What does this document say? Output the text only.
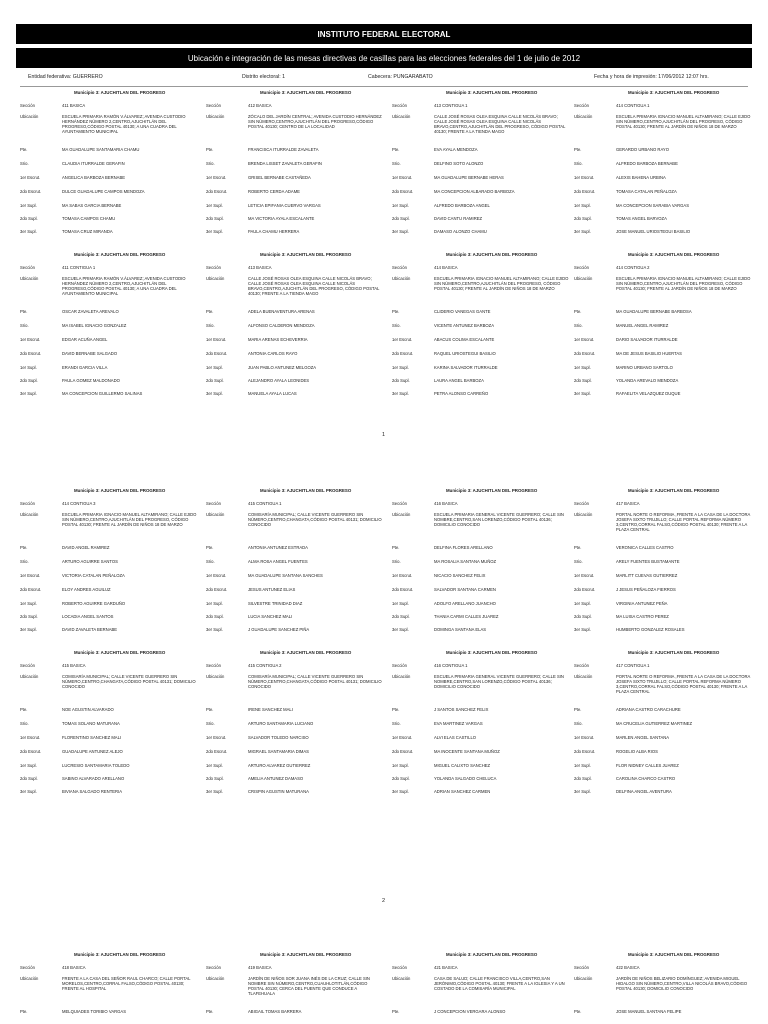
INSTITUTO FEDERAL ELECTORAL
Ubicación e integración de las mesas directivas de casillas para las elecciones federales del 1 de julio de 2012
Entidad federativa: GUERRERO	Distrito electoral: 1	Cabecera: PUNGARABATO	Fecha y hora de impresión: 17/06/2012 12:07 hrs.
Municipio 3: AJUCHITLAN DEL PROGRESO
Sección	411 BASICA
Ubicación	ESCUELA PRIMARIA RAMÓN V.ÁLVAREZ; AVENIDA CUSTODIO HERNÁNDEZ NÚMERO 2,CENTRO,AJUCHITLÁN DEL PROGRESO,CÓDIGO POSTAL 40130; A UNA CUADRA DEL AYUNTAMIENTO MUNICIPAL
Pte.	MA GUADALUPE SANTAMARIA CHAMU
Srio.	CLAUDIA ITURRALDE GERAFIN
1er Escrut.	ANGELICA BARBOZA BERNABE
2do Escrut.	DULCE GUADALUPE CAMPOS MENDOZA
1er Supl.	MA SABAS GARCIA BERNABE
2do Supl.	TOMASA CAMPOS CHAMU
3er Supl.	TOMASA CRUZ MIRANDA
Municipio 3: AJUCHITLAN DEL PROGRESO
Sección	412 BASICA
Ubicación	ZÓCALO DEL JARDÍN CENTRAL; AVENIDA CUSTODIO HERNÁNDEZ SIN NÚMERO,CENTRO,AJUCHITLÁN DEL PROGRESO,CÓDIGO POSTAL 40130; CENTRO DE LA LOCALIDAD
Pte.	FRANCISCA ITURRALDE ZAVALETA
Srio.	BRENDA LISSET ZAVALETA GERAFIN
1er Escrut.	GRISEL BERNABE CASTAÑEDA
2do Escrut.	ROBERTO CERDA ADAME
1er Supl.	LETICIA EPIFANIA CUERVO VARGAS
2do Supl.	MA VICTORIA AYALA ESCALANTE
3er Supl.	PAULA CHAMU HERRERA
Municipio 3: AJUCHITLAN DEL PROGRESO
Sección	413 CONTIGUA 1
Ubicación	CALLE JOSÉ ROSAS OLEA ESQUINA CALLE NICOLÁS BRAVO; CALLE JOSÉ ROSAS OLEA ESQUINA CALLE NICOLÁS BRAVO,CENTRO,AJUCHITLÁN DEL PROGRESO, CÓDIGO POSTAL 40130; FRENTE A LA TIENDA MAGO
Pte.	EVA AYALA MENDOZA
Srio.	DELFINO SOTO ALONZO
1er Escrut.	MA GUADALUPE BERNABE HERAS
2do Escrut.	MA CONCEPCION ALBARADO BARBOZA
1er Supl.	ALFREDO BARBOZA ANGEL
2do Supl.	DAVID CANTU RAMIREZ
3er Supl.	DAMASO ALONZO CHAMU
Municipio 3: AJUCHITLAN DEL PROGRESO
Sección	414 CONTIGUA 1
Ubicación	ESCUELA PRIMARIA IGNACIO MANUEL ALTAMIRANO; CALLE EJIDO SIN NÚMERO,CENTRO,AJUCHITLÁN DEL PROGRESO, CÓDIGO POSTAL 40130; FRENTE AL JARDÍN DE NIÑOS 18 DE MARZO
Pte.	GERARDO URBANO RAYO
Srio.	ALFREDO BARBOZA BERNABE
1er Escrut.	ALEXIS BAHENA URBINA
2do Escrut.	TOMASA CATALAN PEÑALOZA
1er Supl.	MA CONCEPCION SARABIA VARGAS
2do Supl.	TOMAS ANGEL BARVOZA
3er Supl.	JOSE MANUEL URIOSTEGUI BASILIO
Municipio 3: AJUCHITLAN DEL PROGRESO
Sección	411 CONTIGUA 1
Ubicación	ESCUELA PRIMARIA RAMÓN V.ÁLVAREZ; AVENIDA CUSTODIO HERNÁNDEZ NÚMERO 2,CENTRO,AJUCHITLÁN DEL PROGRESO,CÓDIGO POSTAL 40130; A UNA CUADRA DEL AYUNTAMIENTO MUNICIPAL
Pte.	OSCAR ZAVALETA AREVALO
Srio.	MA ISABEL IGNACIO GONZALEZ
1er Escrut.	EDGAR ACUÑA ANGEL
2do Escrut.	DAVID BERNABE SALGADO
1er Supl.	ERANDI GARCIA VILLA
2do Supl.	PAULA GOMEZ MALDONADO
3er Supl.	MA CONCEPCION GUILLERMO SALINAS
Municipio 3: AJUCHITLAN DEL PROGRESO
Sección	413 BASICA
Ubicación	CALLE JOSÉ ROSAS OLEA ESQUINA CALLE NICOLÁS BRAVO; CALLE JOSÉ ROSAS OLEA ESQUINA CALLE NICOLÁS BRAVO,CENTRO,AJUCHITLÁN DEL PROGRESO, CÓDIGO POSTAL 40130; FRENTE A LA TIENDA MAGO
Pte.	ADELA BUENAVENTURA ARENAS
Srio.	ALFONSO CALDERON MENDOZA
1er Escrut.	MARIA ARENAS ECHEVERRIA
2do Escrut.	ANTONIA CARLOS RAYO
1er Supl.	JUAN PABLO ANTUNEZ MELGOZA
2do Supl.	ALEJANDRO AYALA LEONIDES
3er Supl.	MANUELA AYALA LUCAS
Municipio 3: AJUCHITLAN DEL PROGRESO
Sección	414 BASICA
Ubicación	ESCUELA PRIMARIA IGNACIO MANUEL ALTAMIRANO; CALLE EJIDO SIN NÚMERO,CENTRO,AJUCHITLÁN DEL PROGRESO, CÓDIGO POSTAL 40130; FRENTE AL JARDÍN DE NIÑOS 18 DE MARZO
Pte.	CLIDERIO VANEGAS GANTE
Srio.	VICENTE ANTUNEZ BARBOZA
1er Escrut.	ABACUS COLIMA ESCALANTE
2do Escrut.	RAQUEL URIOSTEGUI BASILIO
1er Supl.	KARINA SALVADOR ITURRALDE
2do Supl.	LAURA ANGEL BARBOZA
3er Supl.	PETRA ALONSO CARREÑO
Municipio 3: AJUCHITLAN DEL PROGRESO
Sección	414 CONTIGUA 2
Ubicación	ESCUELA PRIMARIA IGNACIO MANUEL ALTAMIRANO; CALLE EJIDO SIN NÚMERO,CENTRO,AJUCHITLÁN DEL PROGRESO, CÓDIGO POSTAL 40130; FRENTE AL JARDÍN DE NIÑOS 18 DE MARZO
Pte.	MA GUADALUPE BERNABE BARBOSA
Srio.	MANUEL ANGEL RAMIREZ
1er Escrut.	DARIO SALVADOR ITURRALDE
2do Escrut.	MA DE JESUS BASILIO HUERTAS
1er Supl.	MARINO URBANO SARTOLO
2do Supl.	YOLANDA AREVALO MENDOZA
3er Supl.	RAFAELITA VELAZQUEZ DUQUE
Municipio 3: AJUCHITLAN DEL PROGRESO
Sección	414 CONTIGUA 3
Ubicación	ESCUELA PRIMARIA IGNACIO MANUEL ALTAMIRANO; CALLE EJIDO SIN NÚMERO,CENTRO,AJUCHITLÁN DEL PROGRESO, CÓDIGO POSTAL 40130; FRENTE AL JARDÍN DE NIÑOS 18 DE MARZO
Pte.	DAVID ANGEL RAMIREZ
Srio.	ARTURO AGUIRRE SANTOS
1er Escrut.	VICTORIA CATALAN PEÑALOZA
2do Escrut.	ELOY ANDRES AGUILUZ
1er Supl.	ROBERTO AGUIRRE GARDUÑO
2do Supl.	LOCADIA ANGEL SANTOS
3er Supl.	DAVID ZAVALETA BERNABE
Municipio 3: AJUCHITLAN DEL PROGRESO
Sección	415 CONTIGUA 1
Ubicación	COMISARÍA MUNICIPAL; CALLE VICENTE GUERRERO SIN NÚMERO,CENTRO,CHANGATA,CÓDIGO POSTAL 40131; DOMICILIO CONOCIDO
Pte.	ANTONIA ANTUNEZ ESTRADA
Srio.	ALMA ROSA ANGEL FUENTES
1er Escrut.	MA GUADALUPE SANTANA SANCHES
2do Escrut.	JESUS ANTUNEZ ELIAS
1er Supl.	SILVESTRE TRINIDAD DIAZ
2do Supl.	LUCIA SANCHEZ MALI
3er Supl.	J GUADALUPE SANCHEZ PIÑA
Municipio 3: AJUCHITLAN DEL PROGRESO
Sección	416 BASICA
Ubicación	ESCUELA PRIMARIA GENERAL VICENTE GUERRERO; CALLE SIN NOMBRE,CENTRO,SAN LORENZO,CÓDIGO POSTAL 40136; DOMICILIO CONOCIDO
Pte.	DELFINA FLORES ARELLANO
Srio.	MA ROSALIA SANTANA MUÑOZ
1er Escrut.	NICACIO SANCHEZ FELIX
2do Escrut.	SALVADOR SANTANA CARMEN
1er Supl.	ADOLFO ARELLANO JUANCHO
2do Supl.	THANIA CARMI CALLES JUAREZ
3er Supl.	DOMINGA SANTANA ELAS
Municipio 3: AJUCHITLAN DEL PROGRESO
Sección	417 BASICA
Ubicación	PORTAL NORTE O REFORMA ,FRENTE A LA CASA DE LA DOCTORA JOSEFA SIXTO TRUJILLO; CALLE PORTAL REFORMA NÚMERO 3,CENTRO,CORRAL FALSO,CÓDIGO POSTAL 40130; FRENTE A LA PLAZA CENTRAL
Pte.	VERONICA CALLES CASTRO
Srio.	ARELY FUENTES BUSTAMANTE
1er Escrut.	MARLITT CUEVAS GUTIERREZ
2do Escrut.	J JESUS PEÑALOZA FIERROS
1er Supl.	VIRGINIA ANTUNEZ PEÑA
2do Supl.	MA LUISA CASTRO PEREZ
3er Supl.	HUMBERTO GONZALEZ ROSALES
Municipio 3: AJUCHITLAN DEL PROGRESO
Sección	415 BASICA
Ubicación	COMISARÍA MUNICIPAL; CALLE VICENTE GUERRERO SIN NÚMERO,CENTRO,CHANGATA,CÓDIGO POSTAL 40131; DOMICILIO CONOCIDO
Pte.	NOE AGUSTIN ALVARADO
Srio.	TOMAS SOLANO MATURANA
1er Escrut.	FLORENTINO SANCHEZ MALI
2do Escrut.	GUADALUPE ANTUNEZ ALEJO
1er Supl.	LUCRESIO SANTAMARIA TOLEDO
2do Supl.	SABINO ALVARADO ARELLANO
3er Supl.	BIVIANA SALGADO RENTERIA
Municipio 3: AJUCHITLAN DEL PROGRESO
Sección	415 CONTIGUA 2
Ubicación	COMISARÍA MUNICIPAL; CALLE VICENTE GUERRERO SIN NÚMERO,CENTRO,CHANGATA,CÓDIGO POSTAL 40131; DOMICILIO CONOCIDO
Pte.	IRENE SANCHEZ MALI
Srio.	ARTURO SANTAMARIA LUCIANO
1er Escrut.	SALVADOR TOLEDO NARCISO
2do Escrut.	MIGRAEL SANTAMARIA DIMAS
1er Supl.	ARTURO ALVAREZ GUTIERREZ
2do Supl.	AMELIA ANTUNEZ DAMASO
3er Supl.	CRISPIN AGUSTIN MATURANA
Municipio 3: AJUCHITLAN DEL PROGRESO
Sección	416 CONTIGUA 1
Ubicación	ESCUELA PRIMARIA GENERAL VICENTE GUERRERO; CALLE SIN NOMBRE,CENTRO,SAN LORENZO,CÓDIGO POSTAL 40136; DOMICILIO CONOCIDO
Pte.	J SANTOS SANCHEZ FELIX
Srio.	EVA MARTINEZ VARGAS
1er Escrut.	ALVI ELAS CASTILLO
2do Escrut.	MA INOCENTE SANTANA MUÑOZ
1er Supl.	MIGUEL CALIXTO SANCHEZ
2do Supl.	YOLANDA SALGADO CHELUCA
3er Supl.	ADRIAN SANCHEZ CARMEN
Municipio 3: AJUCHITLAN DEL PROGRESO
Sección	417 CONTIGUA 1
Ubicación	PORTAL NORTE O REFORMA ,FRENTE A LA CASA DE LA DOCTORA JOSEFA SIXTO TRUJILLO; CALLE PORTAL REFORMA NÚMERO 3,CENTRO,CORRAL FALSO,CÓDIGO POSTAL 40130; FRENTE A LA PLAZA CENTRAL
Pte.	ADRIANA CASTRO CARACHURE
Srio.	MA CRUCELIA GUTIERREZ MARTINEZ
1er Escrut.	MARLEN ANGEL SANTANA
2do Escrut.	ROGELIO ALBA RIOS
1er Supl.	FLOR NIDNEY CALLES JUAREZ
2do Supl.	CAROLINA CHARCO CASTRO
3er Supl.	DELFINA ANGEL AVENTURA
Municipio 3: AJUCHITLAN DEL PROGRESO
Sección	418 BASICA
Ubicación	FRENTE A LA CASA DEL SEÑOR RAUL CHARCO; CALLE PORTAL MORELOS,CENTRO,CORRAL FALSO,CÓDIGO POSTAL 40130; FRENTE AL HOSPITAL
Pte.	MELQUIADES TORIBIO VARGAS
Municipio 3: AJUCHITLAN DEL PROGRESO
Sección	419 BASICA
Ubicación	JARDÍN DE NIÑOS SOR JUANA INÉS DE LA CRUZ; CALLE SIN NOMBRE SIN NÚMERO,CENTRO,CUAUHLOTITLÁN,CÓDIGO POSTAL 40130; CERCA DEL PUENTE QUE CONDUCE A TLAFEHUALA
Pte.	ABIGAIL TOMAS BARRERA
Municipio 3: AJUCHITLAN DEL PROGRESO
Sección	421 BASICA
Ubicación	CASA DE SALUD; CALLE FRANCISCO VILLA,CENTRO,SAN JERÓNIMO,CÓDIGO POSTAL 40130; FRENTE A LA IGLESIA Y A UN COSTADO DE LA COMISARÍA MUNICIPAL
Pte.	J CONCEPCION VERGARA ALONSO
Municipio 3: AJUCHITLAN DEL PROGRESO
Sección	422 BASICA
Ubicación	JARDÍN DE NIÑOS BELIZARIO DOMÍNGUEZ; AVENIDA MIGUEL HIDALGO SIN NÚMERO,CENTRO,VILLA NICOLÁS BRAVO,CÓDIGO POSTAL 40130; DOMICILIO CONOCIDO
Pte.	JOSE MANUEL SANTANA FELIPE
1
2
